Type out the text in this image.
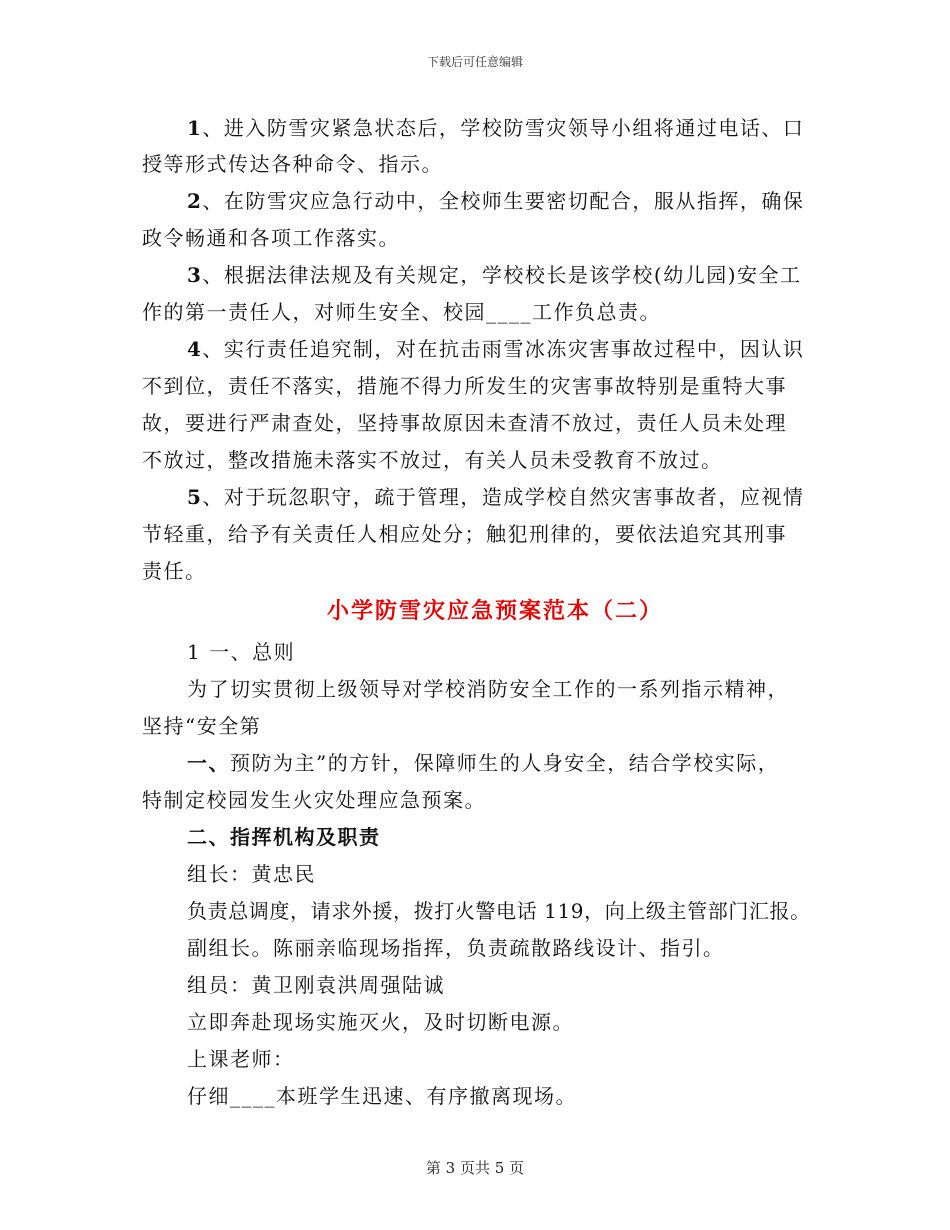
下载后可任意编辑
1、进入防雪灾紧急状态后，学校防雪灾领导小组将通过电话、口
授等形式传达各种命令、指示。
2、在防雪灾应急行动中，全校师生要密切配合，服从指挥，确保
政令畅通和各项工作落实。
3、根据法律法规及有关规定，学校校长是该学校(幼儿园)安全工
作的第一责任人，对师生安全、校园____工作负总责。
4、实行责任追究制，对在抗击雨雪冰冻灾害事故过程中，因认识
不到位，责任不落实，措施不得力所发生的灾害事故特别是重特大事
故，要进行严肃查处，坚持事故原因未查清不放过，责任人员未处理
不放过，整改措施未落实不放过，有关人员未受教育不放过。
5、对于玩忽职守，疏于管理，造成学校自然灾害事故者，应视情
节轻重，给予有关责任人相应处分；触犯刑律的，要依法追究其刑事
责任。
小学防雪灾应急预案范本（二）
1 一、总则
为了切实贯彻上级领导对学校消防安全工作的一系列指示精神，
坚持“安全第
一、预防为主”的方针，保障师生的人身安全，结合学校实际，
特制定校园发生火灾处理应急预案。
二、指挥机构及职责
组长：黄忠民
负责总调度，请求外援，拨打火警电话 119，向上级主管部门汇报。
副组长。陈丽亲临现场指挥，负责疏散路线设计、指引。
组员：黄卫刚袁洪周强陆诚
立即奔赴现场实施灭火，及时切断电源。
上课老师：
仔细____本班学生迅速、有序撤离现场。
第 3 页共 5 页
